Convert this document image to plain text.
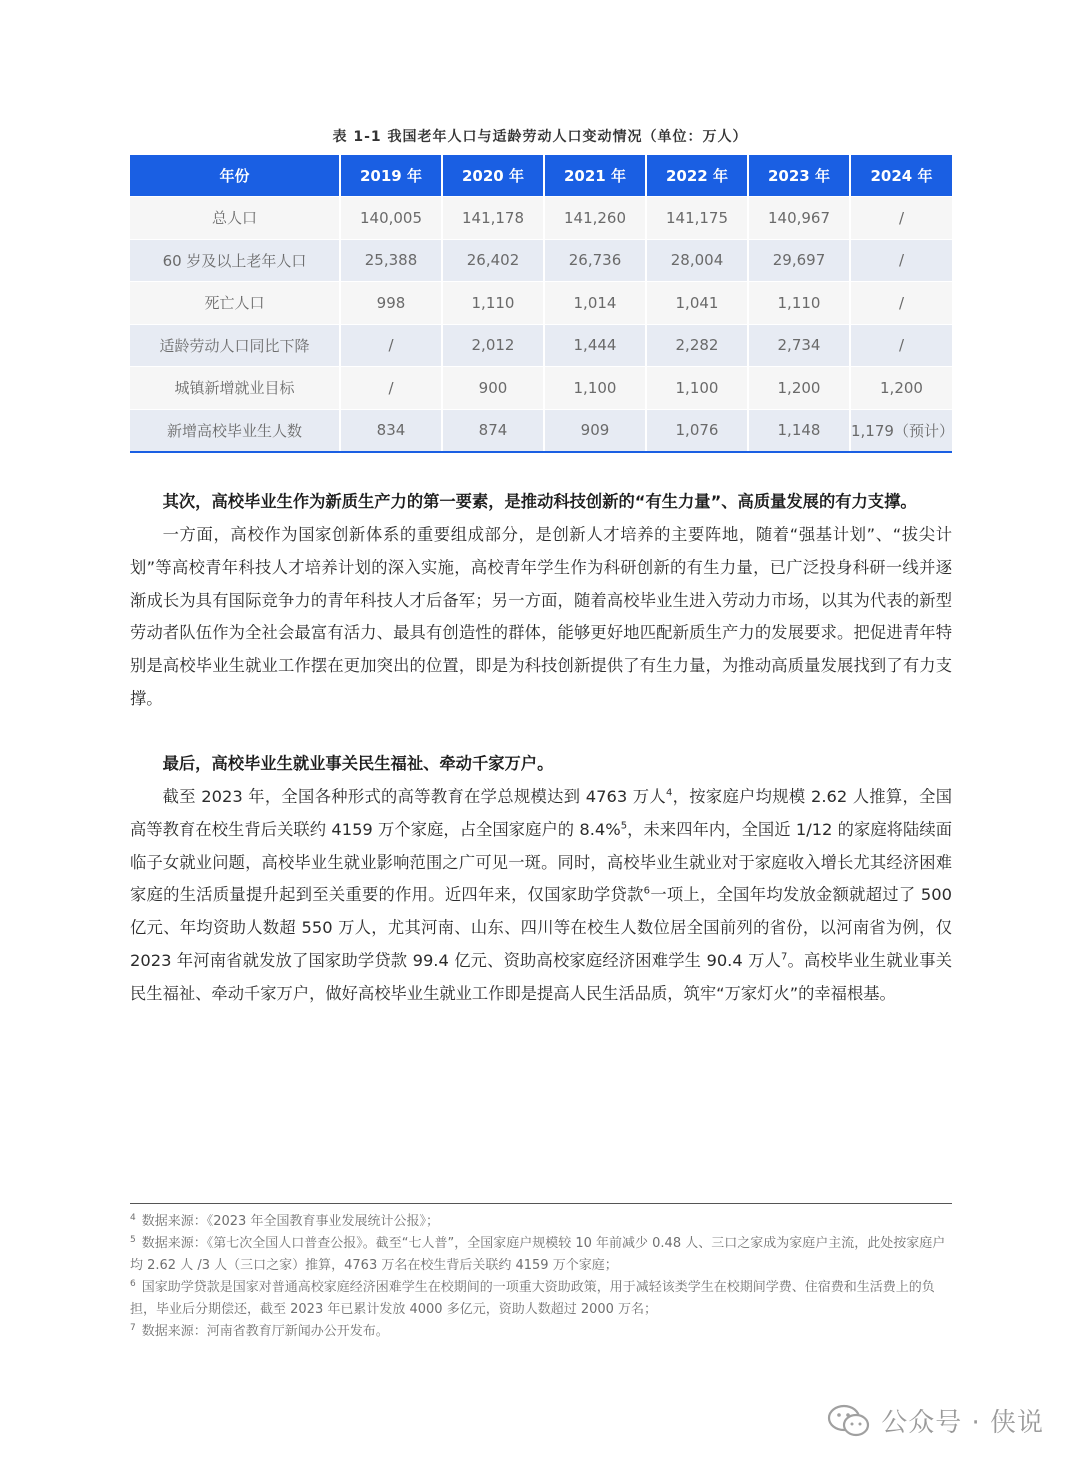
表 1-1 我国老年人口与适龄劳动人口变动情况（单位：万人）
年份	2019 年	2020 年	2021 年	2022 年	2023 年	2024 年
总人口	140,005	141,178	141,260	141,175	140,967	/
60 岁及以上老年人口	25,388	26,402	26,736	28,004	29,697	/
死亡人口	998	1,110	1,014	1,041	1,110	/
适龄劳动人口同比下降	/	2,012	1,444	2,282	2,734	/
城镇新增就业目标	/	900	1,100	1,100	1,200	1,200
新增高校毕业生人数	834	874	909	1,076	1,148	1,179（预计）

其次，高校毕业生作为新质生产力的第一要素，是推动科技创新的“有生力量”、高质量发展的有力支撑。

一方面，高校作为国家创新体系的重要组成部分，是创新人才培养的主要阵地，随着“强基计划”、“拔尖计划”等高校青年科技人才培养计划的深入实施，高校青年学生作为科研创新的有生力量，已广泛投身科研一线并逐渐成长为具有国际竞争力的青年科技人才后备军；另一方面，随着高校毕业生进入劳动力市场，以其为代表的新型劳动者队伍作为全社会最富有活力、最具有创造性的群体，能够更好地匹配新质生产力的发展要求。把促进青年特别是高校毕业生就业工作摆在更加突出的位置，即是为科技创新提供了有生力量，为推动高质量发展找到了有力支撑。

最后，高校毕业生就业事关民生福祉、牵动千家万户。

截至 2023 年，全国各种形式的高等教育在学总规模达到 4763 万人$^4$，按家庭户均规模 2.62 人推算，全国高等教育在校生背后关联约 4159 万个家庭，占全国家庭户的 8.4%$^5$，未来四年内，全国近 1/12 的家庭将陆续面临子女就业问题，高校毕业生就业影响范围之广可见一斑。同时，高校毕业生就业对于家庭收入增长尤其经济困难家庭的生活质量提升起到至关重要的作用。近四年来，仅国家助学贷款$^6$一项上，全国年均发放金额就超过了 500 亿元、年均资助人数超 550 万人，尤其河南、山东、四川等在校生人数位居全国前列的省份，以河南省为例，仅 2023 年河南省就发放了国家助学贷款 99.4 亿元、资助高校家庭经济困难学生 90.4 万人$^7$。高校毕业生就业事关民生福祉、牵动千家万户，做好高校毕业生就业工作即是提高人民生活品质，筑牢“万家灯火”的幸福根基。

$^4$ 数据来源：《2023 年全国教育事业发展统计公报》；

$^5$ 数据来源：《第七次全国人口普查公报》。截至“七人普”，全国家庭户规模较 10 年前减少 0.48 人、三口之家成为家庭户主流，此处按家庭户均 2.62 人 /3 人（三口之家）推算，4763 万名在校生背后关联约 4159 万个家庭；

$^6$ 国家助学贷款是国家对普通高校家庭经济困难学生在校期间的一项重大资助政策，用于减轻该类学生在校期间学费、住宿费和生活费上的负担，毕业后分期偿还，截至 2023 年已累计发放 4000 多亿元，资助人数超过 2000 万名；

$^7$ 数据来源：河南省教育厅新闻办公开发布。

公众号 · 侠说
